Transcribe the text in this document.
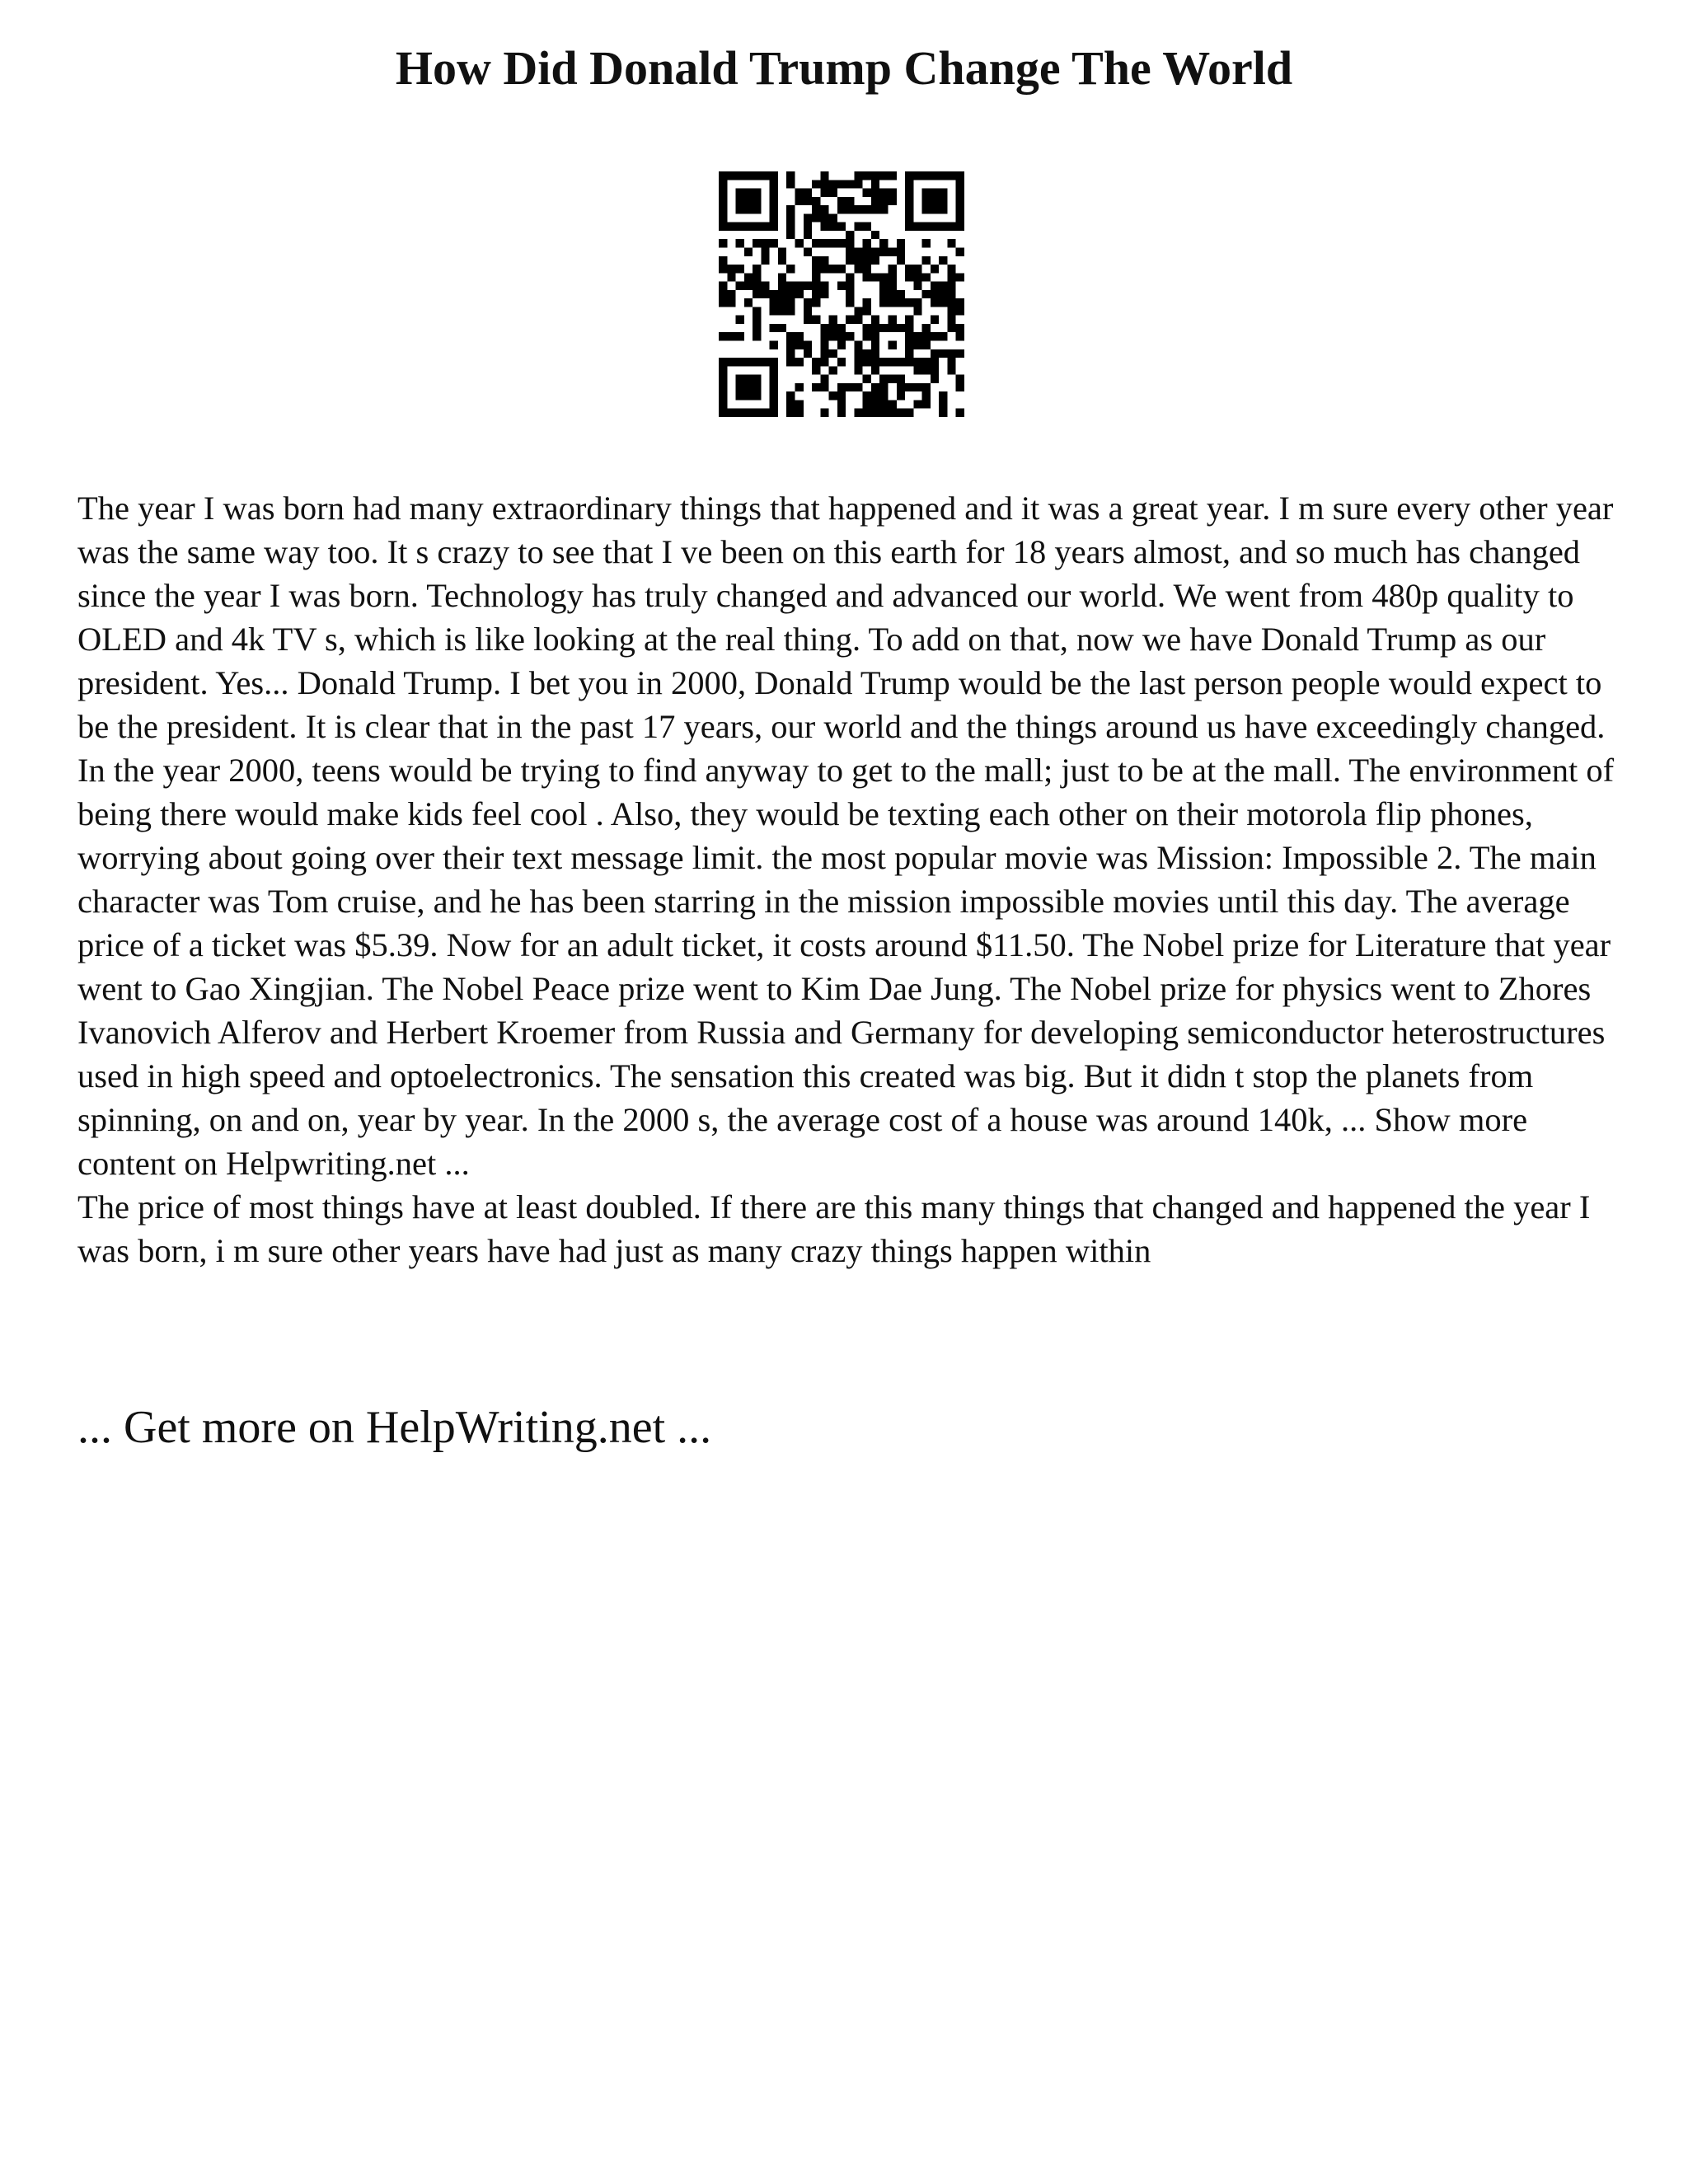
How Did Donald Trump Change The World

The year I was born had many extraordinary things that happened and it was a great year. I m sure every other year was the same way too. It s crazy to see that I ve been on this earth for 18 years almost, and so much has changed since the year I was born. Technology has truly changed and advanced our world. We went from 480p quality to OLED and 4k TV s, which is like looking at the real thing. To add on that, now we have Donald Trump as our president. Yes... Donald Trump. I bet you in 2000, Donald Trump would be the last person people would expect to be the president. It is clear that in the past 17 years, our world and the things around us have exceedingly changed. In the year 2000, teens would be trying to find anyway to get to the mall; just to be at the mall. The environment of being there would make kids feel cool . Also, they would be texting each other on their motorola flip phones, worrying about going over their text message limit. the most popular movie was Mission: Impossible 2. The main character was Tom cruise, and he has been starring in the mission impossible movies until this day. The average price of a ticket was $5.39. Now for an adult ticket, it costs around $11.50. The Nobel prize for Literature that year went to Gao Xingjian. The Nobel Peace prize went to Kim Dae Jung. The Nobel prize for physics went to Zhores Ivanovich Alferov and Herbert Kroemer from Russia and Germany for developing semiconductor heterostructures used in high speed and optoelectronics. The sensation this created was big. But it didn t stop the planets from spinning, on and on, year by year. In the 2000 s, the average cost of a house was around 140k, ... Show more content on Helpwriting.net ...

The price of most things have at least doubled. If there are this many things that changed and happened the year I was born, i m sure other years have had just as many crazy things happen within

... Get more on HelpWriting.net ...
